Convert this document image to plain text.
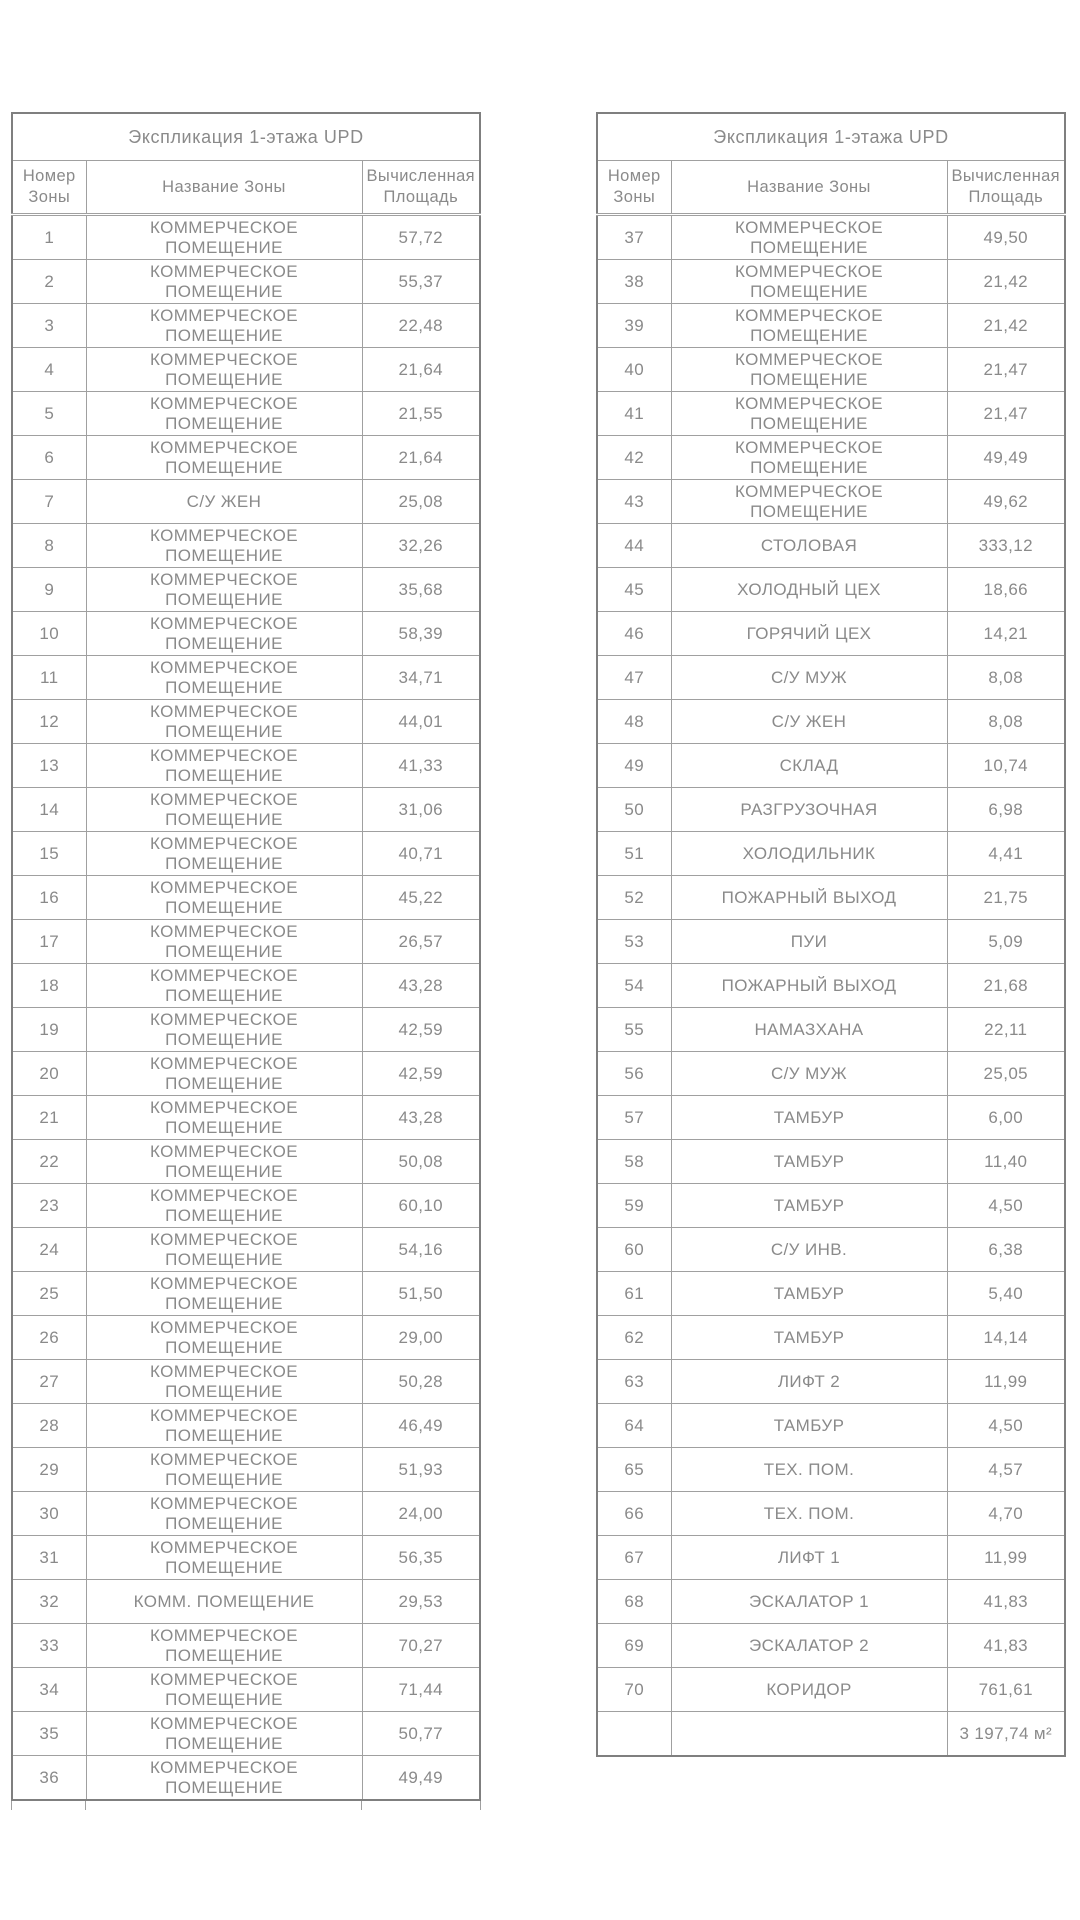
Экспликация 1-этажа UPD		
Номер Зоны	Название Зоны	Вычисленная Площадь
1	КОММЕРЧЕСКОЕ ПОМЕЩЕНИЕ	57,72
2	КОММЕРЧЕСКОЕ ПОМЕЩЕНИЕ	55,37
3	КОММЕРЧЕСКОЕ ПОМЕЩЕНИЕ	22,48
4	КОММЕРЧЕСКОЕ ПОМЕЩЕНИЕ	21,64
5	КОММЕРЧЕСКОЕ ПОМЕЩЕНИЕ	21,55
6	КОММЕРЧЕСКОЕ ПОМЕЩЕНИЕ	21,64
7	С/У ЖЕН	25,08
8	КОММЕРЧЕСКОЕ ПОМЕЩЕНИЕ	32,26
9	КОММЕРЧЕСКОЕ ПОМЕЩЕНИЕ	35,68
10	КОММЕРЧЕСКОЕ ПОМЕЩЕНИЕ	58,39
11	КОММЕРЧЕСКОЕ ПОМЕЩЕНИЕ	34,71
12	КОММЕРЧЕСКОЕ ПОМЕЩЕНИЕ	44,01
13	КОММЕРЧЕСКОЕ ПОМЕЩЕНИЕ	41,33
14	КОММЕРЧЕСКОЕ ПОМЕЩЕНИЕ	31,06
15	КОММЕРЧЕСКОЕ ПОМЕЩЕНИЕ	40,71
16	КОММЕРЧЕСКОЕ ПОМЕЩЕНИЕ	45,22
17	КОММЕРЧЕСКОЕ ПОМЕЩЕНИЕ	26,57
18	КОММЕРЧЕСКОЕ ПОМЕЩЕНИЕ	43,28
19	КОММЕРЧЕСКОЕ ПОМЕЩЕНИЕ	42,59
20	КОММЕРЧЕСКОЕ ПОМЕЩЕНИЕ	42,59
21	КОММЕРЧЕСКОЕ ПОМЕЩЕНИЕ	43,28
22	КОММЕРЧЕСКОЕ ПОМЕЩЕНИЕ	50,08
23	КОММЕРЧЕСКОЕ ПОМЕЩЕНИЕ	60,10
24	КОММЕРЧЕСКОЕ ПОМЕЩЕНИЕ	54,16
25	КОММЕРЧЕСКОЕ ПОМЕЩЕНИЕ	51,50
26	КОММЕРЧЕСКОЕ ПОМЕЩЕНИЕ	29,00
27	КОММЕРЧЕСКОЕ ПОМЕЩЕНИЕ	50,28
28	КОММЕРЧЕСКОЕ ПОМЕЩЕНИЕ	46,49
29	КОММЕРЧЕСКОЕ ПОМЕЩЕНИЕ	51,93
30	КОММЕРЧЕСКОЕ ПОМЕЩЕНИЕ	24,00
31	КОММЕРЧЕСКОЕ ПОМЕЩЕНИЕ	56,35
32	КОММ. ПОМЕЩЕНИЕ	29,53
33	КОММЕРЧЕСКОЕ ПОМЕЩЕНИЕ	70,27
34	КОММЕРЧЕСКОЕ ПОМЕЩЕНИЕ	71,44
35	КОММЕРЧЕСКОЕ ПОМЕЩЕНИЕ	50,77
36	КОММЕРЧЕСКОЕ ПОМЕЩЕНИЕ	49,49
Экспликация 1-этажа UPD		
Номер Зоны	Название Зоны	Вычисленная Площадь
37	КОММЕРЧЕСКОЕ ПОМЕЩЕНИЕ	49,50
38	КОММЕРЧЕСКОЕ ПОМЕЩЕНИЕ	21,42
39	КОММЕРЧЕСКОЕ ПОМЕЩЕНИЕ	21,42
40	КОММЕРЧЕСКОЕ ПОМЕЩЕНИЕ	21,47
41	КОММЕРЧЕСКОЕ ПОМЕЩЕНИЕ	21,47
42	КОММЕРЧЕСКОЕ ПОМЕЩЕНИЕ	49,49
43	КОММЕРЧЕСКОЕ ПОМЕЩЕНИЕ	49,62
44	СТОЛОВАЯ	333,12
45	ХОЛОДНЫЙ ЦЕХ	18,66
46	ГОРЯЧИЙ ЦЕХ	14,21
47	С/У МУЖ	8,08
48	С/У ЖЕН	8,08
49	СКЛАД	10,74
50	РАЗГРУЗОЧНАЯ	6,98
51	ХОЛОДИЛЬНИК	4,41
52	ПОЖАРНЫЙ ВЫХОД	21,75
53	ПУИ	5,09
54	ПОЖАРНЫЙ ВЫХОД	21,68
55	НАМАЗХАНА	22,11
56	С/У МУЖ	25,05
57	ТАМБУР	6,00
58	ТАМБУР	11,40
59	ТАМБУР	4,50
60	С/У ИНВ.	6,38
61	ТАМБУР	5,40
62	ТАМБУР	14,14
63	ЛИФТ 2	11,99
64	ТАМБУР	4,50
65	ТЕХ. ПОМ.	4,57
66	ТЕХ. ПОМ.	4,70
67	ЛИФТ 1	11,99
68	ЭСКАЛАТОР 1	41,83
69	ЭСКАЛАТОР 2	41,83
70	КОРИДОР	761,61
		3 197,74 м²
